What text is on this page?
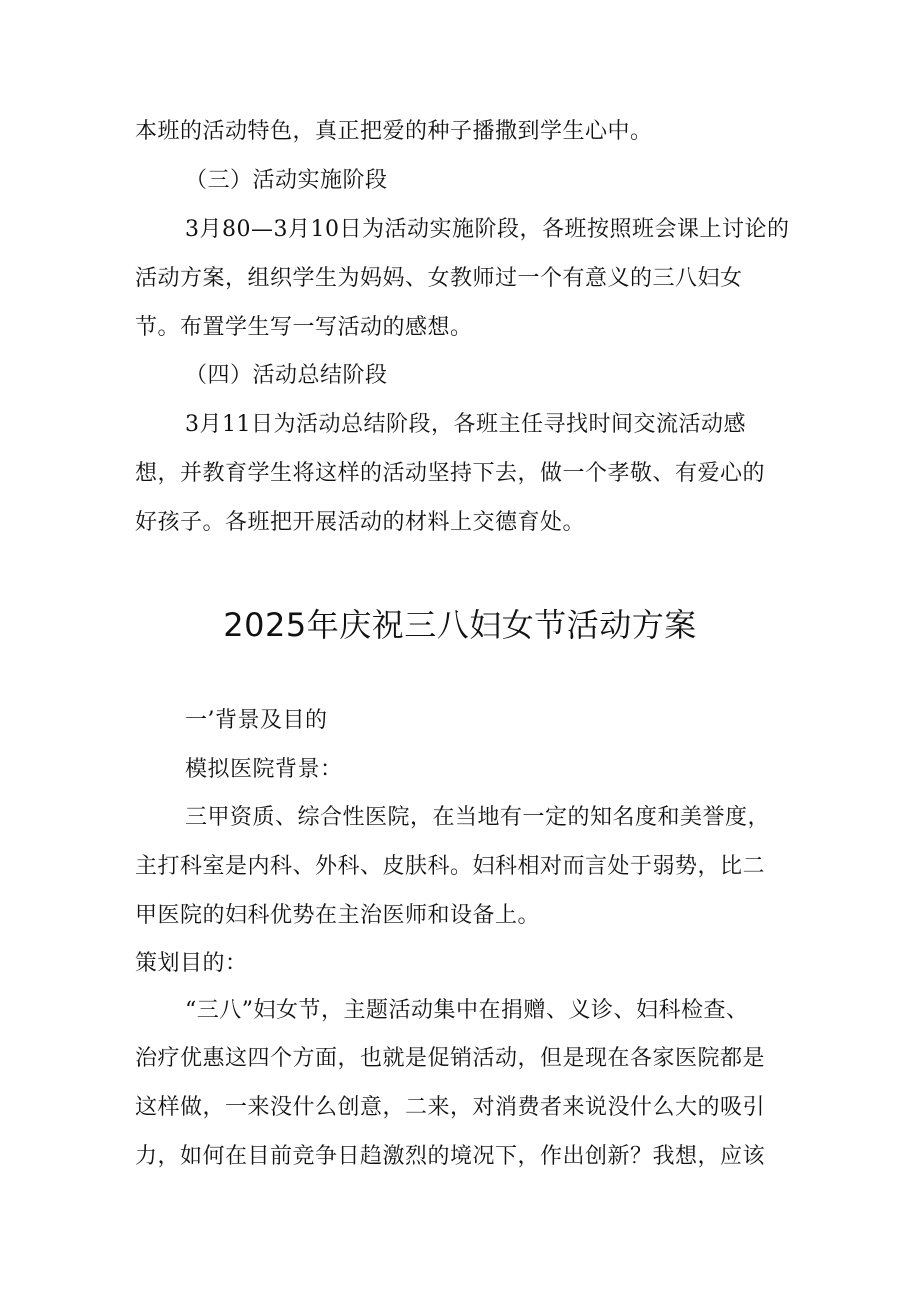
本班的活动特色，真正把爱的种子播撒到学生心中。
（三）活动实施阶段
3月80—3月10日为活动实施阶段，各班按照班会课上讨论的
活动方案，组织学生为妈妈、女教师过一个有意义的三八妇女
节。布置学生写一写活动的感想。
（四）活动总结阶段
3月11日为活动总结阶段，各班主任寻找时间交流活动感
想，并教育学生将这样的活动坚持下去，做一个孝敬、有爱心的
好孩子。各班把开展活动的材料上交德育处。
2025年庆祝三八妇女节活动方案
一’背景及目的
模拟医院背景：
三甲资质、综合性医院，在当地有一定的知名度和美誉度，
主打科室是内科、外科、皮肤科。妇科相对而言处于弱势，比二
甲医院的妇科优势在主治医师和设备上。
策划目的：
“三八”妇女节，主题活动集中在捐赠、义诊、妇科检查、
治疗优惠这四个方面，也就是促销活动，但是现在各家医院都是
这样做，一来没什么创意，二来，对消费者来说没什么大的吸引
力，如何在目前竞争日趋激烈的境况下，作出创新？我想，应该
